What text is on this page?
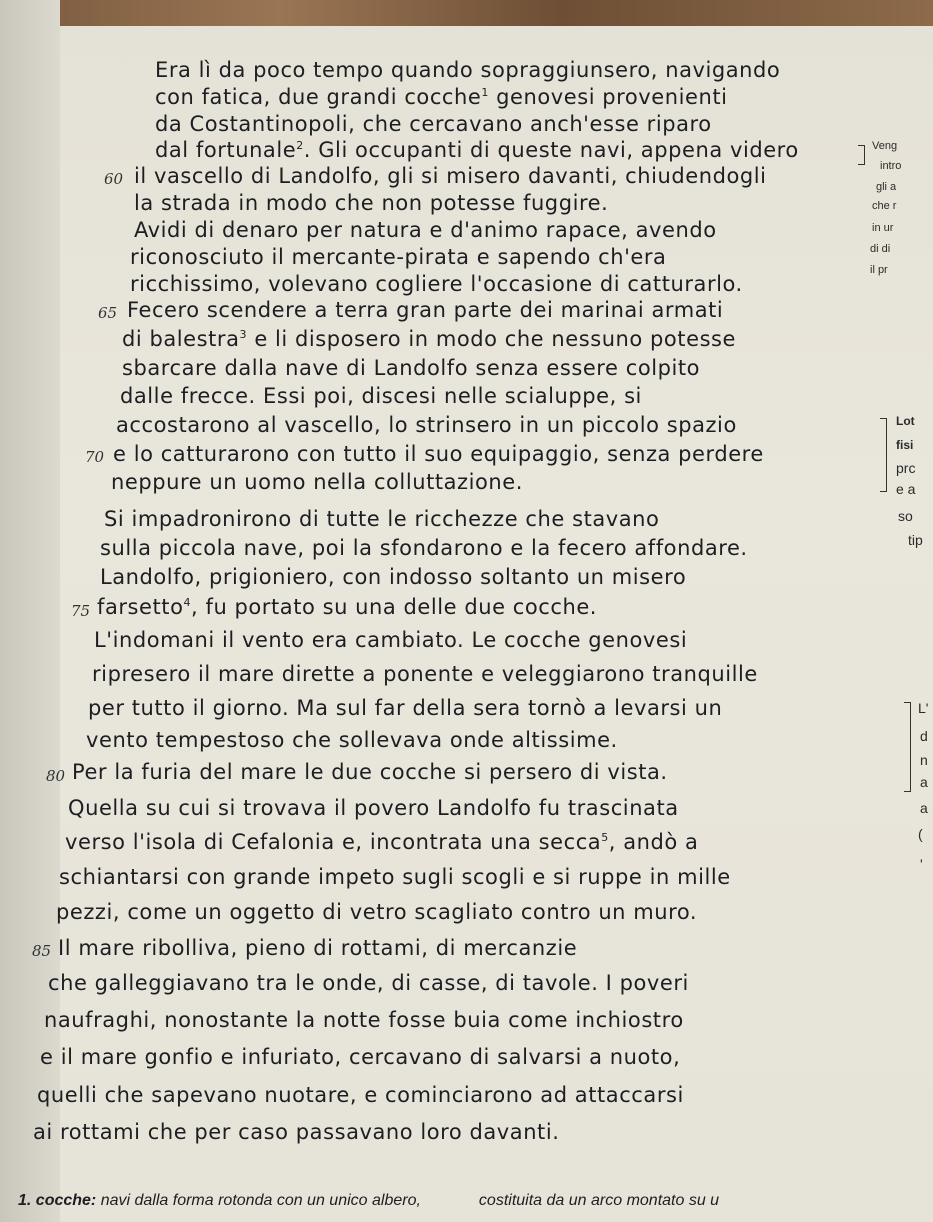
Era lì da poco tempo quando sopraggiunsero, navigando
con fatica, due grandi cocche$^1$ genovesi provenienti
da Costantinopoli, che cercavano anch'esse riparo
dal fortunale$^2$. Gli occupanti di queste navi, appena videro
il vascello di Landolfo, gli si misero davanti, chiudendogli
la strada in modo che non potesse fuggire.
Avidi di denaro per natura e d'animo rapace, avendo
riconosciuto il mercante-pirata e sapendo ch'era
ricchissimo, volevano cogliere l'occasione di catturarlo.
Fecero scendere a terra gran parte dei marinai armati
di balestra$^3$ e li disposero in modo che nessuno potesse
sbarcare dalla nave di Landolfo senza essere colpito
dalle frecce. Essi poi, discesi nelle scialuppe, si
accostarono al vascello, lo strinsero in un piccolo spazio
e lo catturarono con tutto il suo equipaggio, senza perdere
neppure un uomo nella colluttazione.
Si impadronirono di tutte le ricchezze che stavano
sulla piccola nave, poi la sfondarono e la fecero affondare.
Landolfo, prigioniero, con indosso soltanto un misero
farsetto$^4$, fu portato su una delle due cocche.
L'indomani il vento era cambiato. Le cocche genovesi
ripresero il mare dirette a ponente e veleggiarono tranquille
per tutto il giorno. Ma sul far della sera tornò a levarsi un
vento tempestoso che sollevava onde altissime.
Per la furia del mare le due cocche si persero di vista.
Quella su cui si trovava il povero Landolfo fu trascinata
verso l'isola di Cefalonia e, incontrata una secca$^5$, andò a
schiantarsi con grande impeto sugli scogli e si ruppe in mille
pezzi, come un oggetto di vetro scagliato contro un muro.
Il mare ribolliva, pieno di rottami, di mercanzie
che galleggiavano tra le onde, di casse, di tavole. I poveri
naufraghi, nonostante la notte fosse buia come inchiostro
e il mare gonfio e infuriato, cercavano di salvarsi a nuoto,
quelli che sapevano nuotare, e cominciarono ad attaccarsi
ai rottami che per caso passavano loro davanti.
60
65
70
75
80
85
Veng
intro
gli a
che r
in ur
di di
il pr
Lot
fisi
prc
e a
so
tip
L'
d
n
a
a
(
'
1. cocche: navi dalla forma rotonda con un unico albero,	costituita da un arco montato su u
